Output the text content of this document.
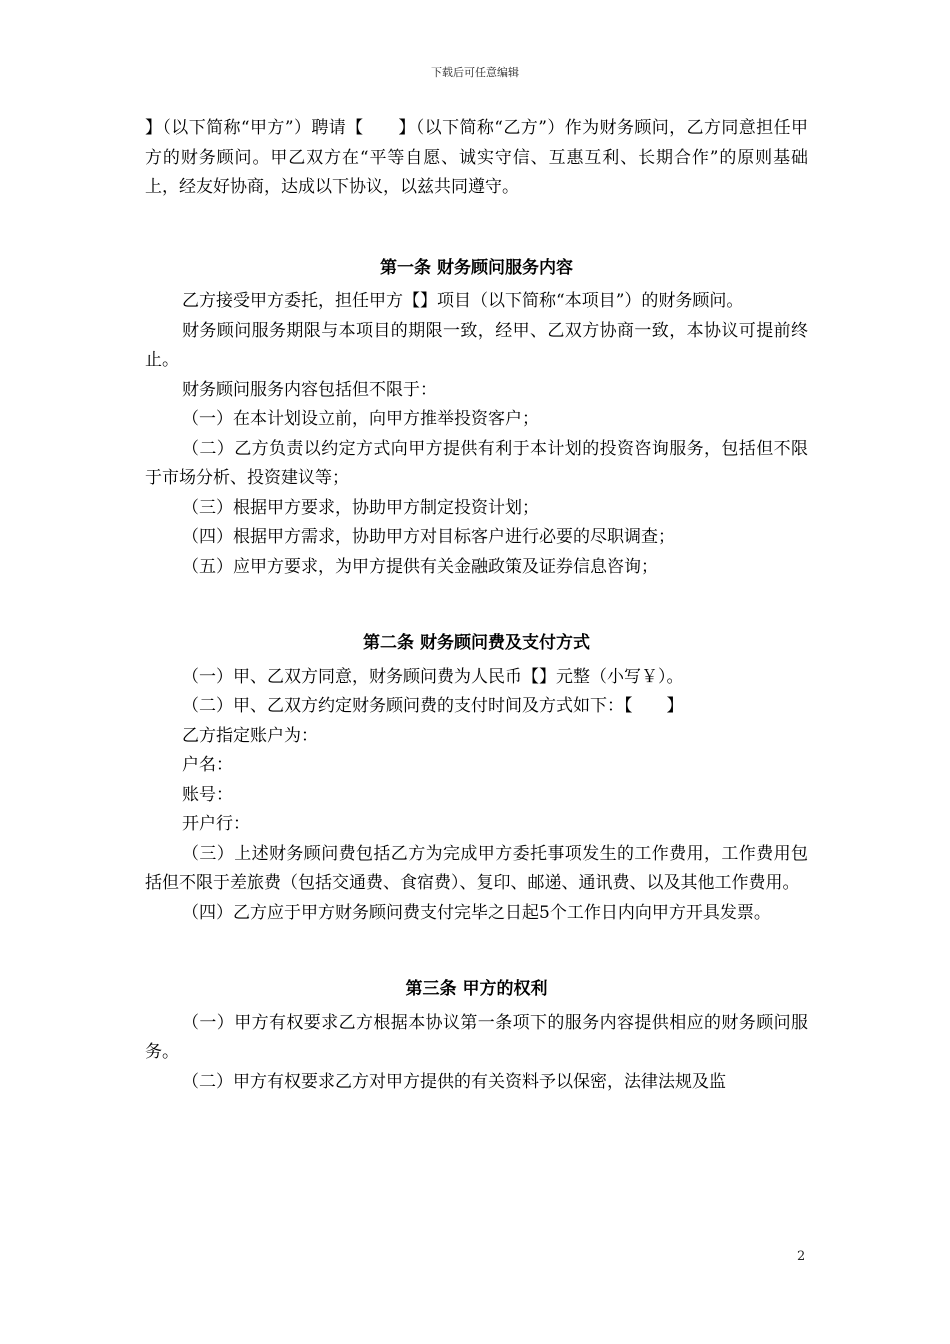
下载后可任意编辑

】（以下简称“甲方”）聘请【　　】（以下简称“乙方”）作为财务顾问，乙方同意担任甲方的财务顾问。甲乙双方在“平等自愿、诚实守信、互惠互利、长期合作”的原则基础上，经友好协商，达成以下协议，以兹共同遵守。

第一条 财务顾问服务内容

乙方接受甲方委托，担任甲方【】项目（以下简称“本项目”）的财务顾问。

财务顾问服务期限与本项目的期限一致，经甲、乙双方协商一致，本协议可提前终止。

财务顾问服务内容包括但不限于：

（一）在本计划设立前，向甲方推举投资客户；

（二）乙方负责以约定方式向甲方提供有利于本计划的投资咨询服务，包括但不限于市场分析、投资建议等；

（三）根据甲方要求，协助甲方制定投资计划；

（四）根据甲方需求，协助甲方对目标客户进行必要的尽职调查；

（五）应甲方要求，为甲方提供有关金融政策及证券信息咨询；

第二条 财务顾问费及支付方式

（一）甲、乙双方同意，财务顾问费为人民币【】元整（小写￥）。

（二）甲、乙双方约定财务顾问费的支付时间及方式如下：【　　】

乙方指定账户为：

户名：

账号：

开户行：

（三）上述财务顾问费包括乙方为完成甲方委托事项发生的工作费用，工作费用包括但不限于差旅费（包括交通费、食宿费）、复印、邮递、通讯费、以及其他工作费用。

（四）乙方应于甲方财务顾问费支付完毕之日起5个工作日内向甲方开具发票。

第三条 甲方的权利

（一）甲方有权要求乙方根据本协议第一条项下的服务内容提供相应的财务顾问服务。

（二）甲方有权要求乙方对甲方提供的有关资料予以保密，法律法规及监

2
